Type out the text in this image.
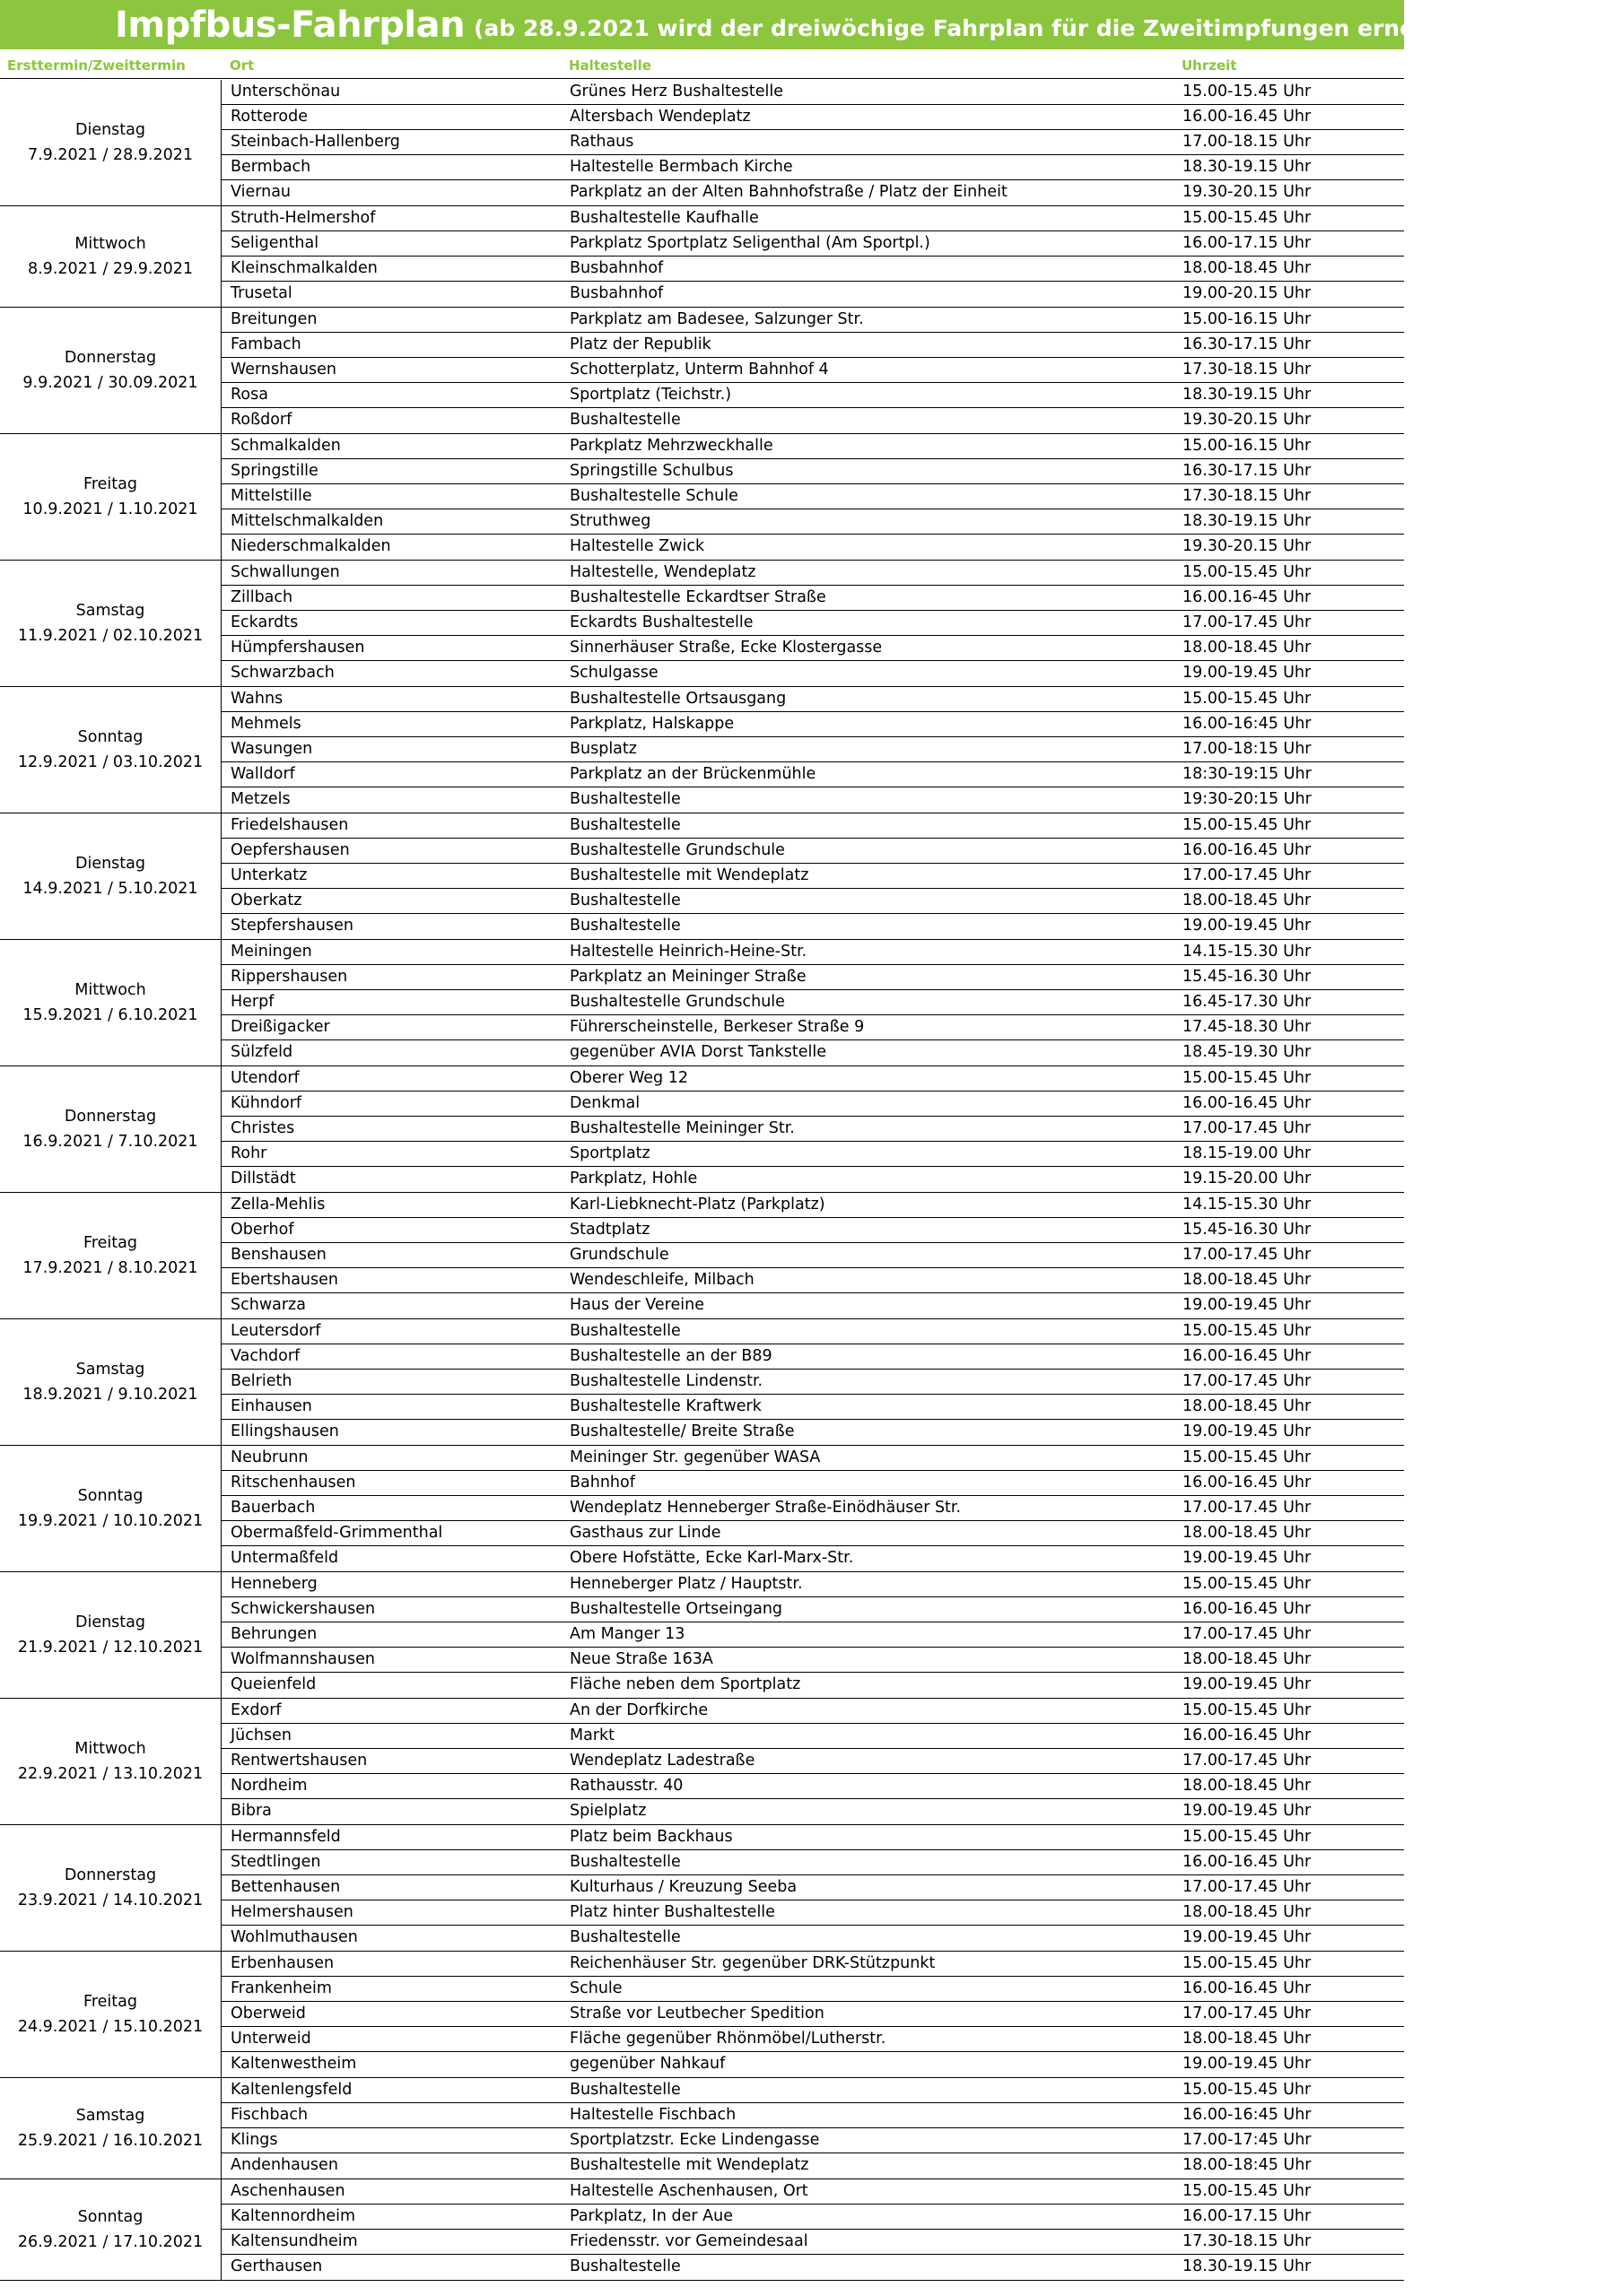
Impfbus-Fahrplan (ab 28.9.2021 wird der dreiwöchige Fahrplan für die Zweitimpfungen erneut abgefahren)
Ersttermin/Zweittermin	Ort	Haltestelle	Uhrzeit
Dienstag
7.9.2021 / 28.9.2021
Unterschönau	Grünes Herz Bushaltestelle	15.00-15.45 Uhr
Rotterode	Altersbach Wendeplatz	16.00-16.45 Uhr
Steinbach-Hallenberg	Rathaus	17.00-18.15 Uhr
Bermbach	Haltestelle Bermbach Kirche	18.30-19.15 Uhr
Viernau	Parkplatz an der Alten Bahnhofstraße / Platz der Einheit	19.30-20.15 Uhr
Mittwoch
8.9.2021 / 29.9.2021
Struth-Helmershof	Bushaltestelle Kaufhalle	15.00-15.45 Uhr
Seligenthal	Parkplatz Sportplatz Seligenthal (Am Sportpl.)	16.00-17.15 Uhr
Kleinschmalkalden	Busbahnhof	18.00-18.45 Uhr
Trusetal	Busbahnhof	19.00-20.15 Uhr
Donnerstag
9.9.2021 / 30.09.2021
Breitungen	Parkplatz am Badesee, Salzunger Str.	15.00-16.15 Uhr
Fambach	Platz der Republik	16.30-17.15 Uhr
Wernshausen	Schotterplatz, Unterm Bahnhof 4	17.30-18.15 Uhr
Rosa	Sportplatz (Teichstr.)	18.30-19.15 Uhr
Roßdorf	Bushaltestelle	19.30-20.15 Uhr
Freitag
10.9.2021 / 1.10.2021
Schmalkalden	Parkplatz Mehrzweckhalle	15.00-16.15 Uhr
Springstille	Springstille Schulbus	16.30-17.15 Uhr
Mittelstille	Bushaltestelle Schule	17.30-18.15 Uhr
Mittelschmalkalden	Struthweg	18.30-19.15 Uhr
Niederschmalkalden	Haltestelle Zwick	19.30-20.15 Uhr
Samstag
11.9.2021 / 02.10.2021
Schwallungen	Haltestelle, Wendeplatz	15.00-15.45 Uhr
Zillbach	Bushaltestelle Eckardtser Straße	16.00.16-45 Uhr
Eckardts	Eckardts Bushaltestelle	17.00-17.45 Uhr
Hümpfershausen	Sinnerhäuser Straße, Ecke Klostergasse	18.00-18.45 Uhr
Schwarzbach	Schulgasse	19.00-19.45 Uhr
Sonntag
12.9.2021 / 03.10.2021
Wahns	Bushaltestelle Ortsausgang	15.00-15.45 Uhr
Mehmels	Parkplatz, Halskappe	16.00-16:45 Uhr
Wasungen	Busplatz	17.00-18:15 Uhr
Walldorf	Parkplatz an der Brückenmühle	18:30-19:15 Uhr
Metzels	Bushaltestelle	19:30-20:15 Uhr
Dienstag
14.9.2021 / 5.10.2021
Friedelshausen	Bushaltestelle	15.00-15.45 Uhr
Oepfershausen	Bushaltestelle Grundschule	16.00-16.45 Uhr
Unterkatz	Bushaltestelle mit Wendeplatz	17.00-17.45 Uhr
Oberkatz	Bushaltestelle	18.00-18.45 Uhr
Stepfershausen	Bushaltestelle	19.00-19.45 Uhr
Mittwoch
15.9.2021 / 6.10.2021
Meiningen	Haltestelle Heinrich-Heine-Str.	14.15-15.30 Uhr
Rippershausen	Parkplatz an Meininger Straße	15.45-16.30 Uhr
Herpf	Bushaltestelle Grundschule	16.45-17.30 Uhr
Dreißigacker	Führerscheinstelle, Berkeser Straße 9	17.45-18.30 Uhr
Sülzfeld	gegenüber AVIA Dorst Tankstelle	18.45-19.30 Uhr
Donnerstag
16.9.2021 / 7.10.2021
Utendorf	Oberer Weg 12	15.00-15.45 Uhr
Kühndorf	Denkmal	16.00-16.45 Uhr
Christes	Bushaltestelle Meininger Str.	17.00-17.45 Uhr
Rohr	Sportplatz	18.15-19.00 Uhr
Dillstädt	Parkplatz, Hohle	19.15-20.00 Uhr
Freitag
17.9.2021 / 8.10.2021
Zella-Mehlis	Karl-Liebknecht-Platz (Parkplatz)	14.15-15.30 Uhr
Oberhof	Stadtplatz	15.45-16.30 Uhr
Benshausen	Grundschule	17.00-17.45 Uhr
Ebertshausen	Wendeschleife, Milbach	18.00-18.45 Uhr
Schwarza	Haus der Vereine	19.00-19.45 Uhr
Samstag
18.9.2021 / 9.10.2021
Leutersdorf	Bushaltestelle	15.00-15.45 Uhr
Vachdorf	Bushaltestelle an der B89	16.00-16.45 Uhr
Belrieth	Bushaltestelle Lindenstr.	17.00-17.45 Uhr
Einhausen	Bushaltestelle Kraftwerk	18.00-18.45 Uhr
Ellingshausen	Bushaltestelle/ Breite Straße	19.00-19.45 Uhr
Sonntag
19.9.2021 / 10.10.2021
Neubrunn	Meininger Str. gegenüber WASA	15.00-15.45 Uhr
Ritschenhausen	Bahnhof	16.00-16.45 Uhr
Bauerbach	Wendeplatz Henneberger Straße-Einödhäuser Str.	17.00-17.45 Uhr
Obermaßfeld-Grimmenthal	Gasthaus zur Linde	18.00-18.45 Uhr
Untermaßfeld	Obere Hofstätte, Ecke Karl-Marx-Str.	19.00-19.45 Uhr
Dienstag
21.9.2021 / 12.10.2021
Henneberg	Henneberger Platz / Hauptstr.	15.00-15.45 Uhr
Schwickershausen	Bushaltestelle Ortseingang	16.00-16.45 Uhr
Behrungen	Am Manger 13	17.00-17.45 Uhr
Wolfmannshausen	Neue Straße 163A	18.00-18.45 Uhr
Queienfeld	Fläche neben dem Sportplatz	19.00-19.45 Uhr
Mittwoch
22.9.2021 / 13.10.2021
Exdorf	An der Dorfkirche	15.00-15.45 Uhr
Jüchsen	Markt	16.00-16.45 Uhr
Rentwertshausen	Wendeplatz Ladestraße	17.00-17.45 Uhr
Nordheim	Rathausstr. 40	18.00-18.45 Uhr
Bibra	Spielplatz	19.00-19.45 Uhr
Donnerstag
23.9.2021 / 14.10.2021
Hermannsfeld	Platz beim Backhaus	15.00-15.45 Uhr
Stedtlingen	Bushaltestelle	16.00-16.45 Uhr
Bettenhausen	Kulturhaus / Kreuzung Seeba	17.00-17.45 Uhr
Helmershausen	Platz hinter Bushaltestelle	18.00-18.45 Uhr
Wohlmuthausen	Bushaltestelle	19.00-19.45 Uhr
Freitag
24.9.2021 / 15.10.2021
Erbenhausen	Reichenhäuser Str. gegenüber DRK-Stützpunkt	15.00-15.45 Uhr
Frankenheim	Schule	16.00-16.45 Uhr
Oberweid	Straße vor Leutbecher Spedition	17.00-17.45 Uhr
Unterweid	Fläche gegenüber Rhönmöbel/Lutherstr.	18.00-18.45 Uhr
Kaltenwestheim	gegenüber Nahkauf	19.00-19.45 Uhr
Samstag
25.9.2021 / 16.10.2021
Kaltenlengsfeld	Bushaltestelle	15.00-15.45 Uhr
Fischbach	Haltestelle Fischbach	16.00-16:45 Uhr
Klings	Sportplatzstr. Ecke Lindengasse	17.00-17:45 Uhr
Andenhausen	Bushaltestelle mit Wendeplatz	18.00-18:45 Uhr
Sonntag
26.9.2021 / 17.10.2021
Aschenhausen	Haltestelle Aschenhausen, Ort	15.00-15.45 Uhr
Kaltennordheim	Parkplatz, In der Aue	16.00-17.15 Uhr
Kaltensundheim	Friedensstr. vor Gemeindesaal	17.30-18.15 Uhr
Gerthausen	Bushaltestelle	18.30-19.15 Uhr
